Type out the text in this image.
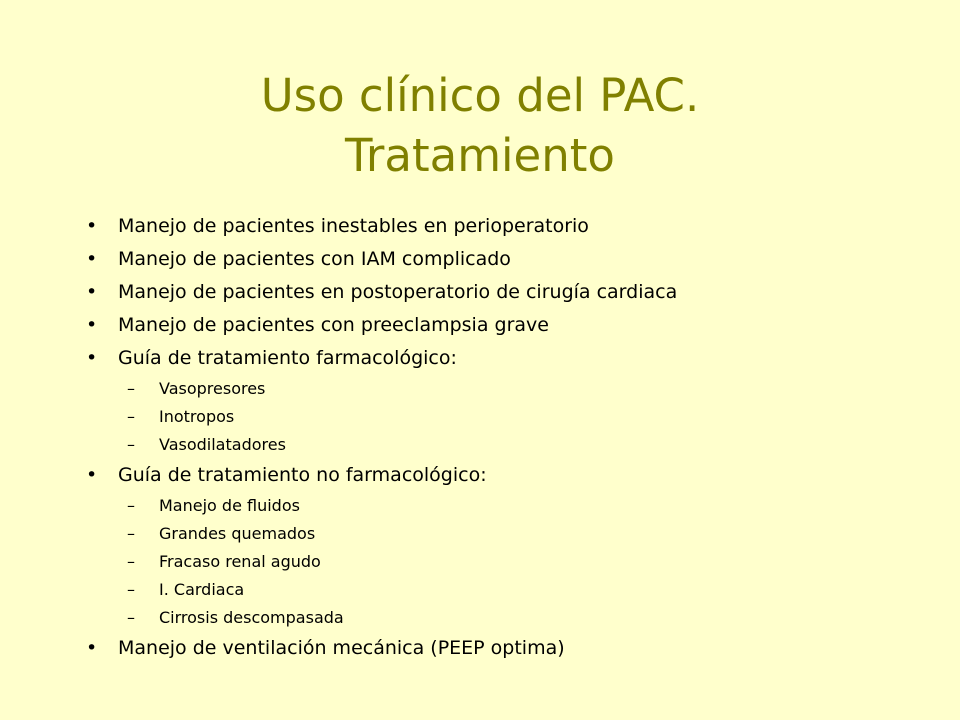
Uso clínico del PAC.
Tratamiento
• Manejo de pacientes inestables en perioperatorio
• Manejo de pacientes con IAM complicado
• Manejo de pacientes en postoperatorio de cirugía cardiaca
• Manejo de pacientes con preeclampsia grave
• Guía de tratamiento farmacológico:
– Vasopresores
– Inotropos
– Vasodilatadores
• Guía de tratamiento no farmacológico:
– Manejo de fluidos
– Grandes quemados
– Fracaso renal agudo
– I. Cardiaca
– Cirrosis descompasada
• Manejo de ventilación mecánica (PEEP optima)
